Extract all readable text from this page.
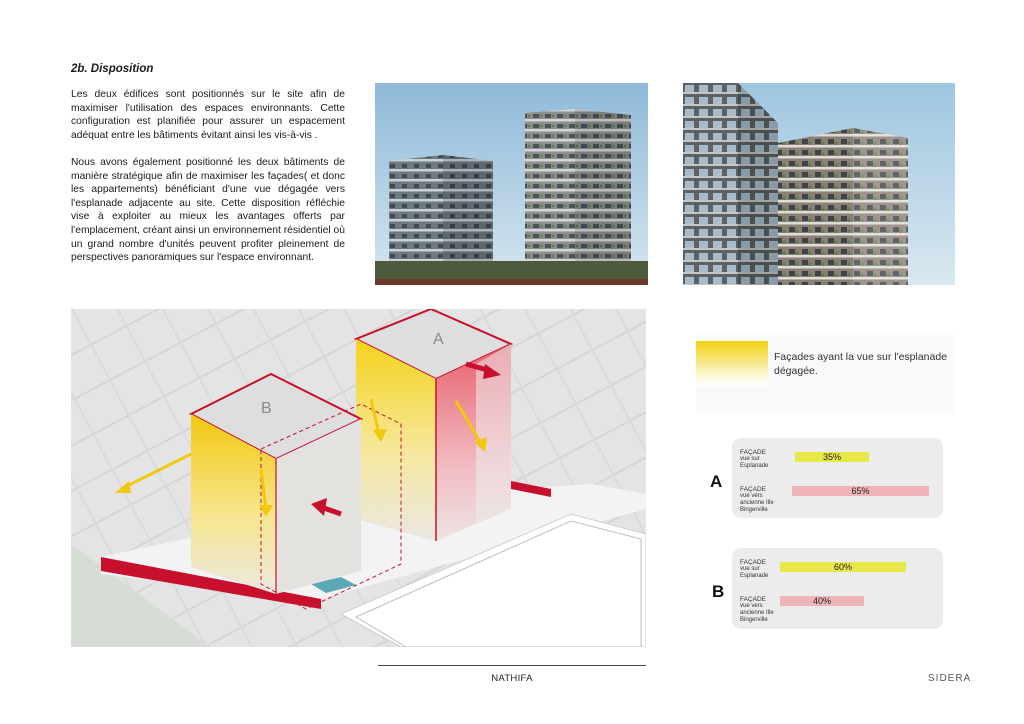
2b. Disposition
Les deux édifices sont positionnés sur le site afin de maximiser l'utilisation des espaces environnants. Cette configuration est planifiée pour assurer un espacement adéquat entre les bâtiments évitant ainsi les vis-à-vis .
Nous avons également positionné les deux bâtiments de manière stratégique afin de maximiser les façades( et donc les appartements) bénéficiant d'une vue dégagée vers l'esplanade adjacente au site. Cette disposition réfléchie vise à exploiter au mieux les avantages offerts par l'emplacement, créant ainsi un environnement résidentiel où un grand nombre d'unités peuvent profiter pleinement de perspectives panoramiques sur l'espace environnant.
A
B
Façades ayant la vue sur l'esplanade dégagée.
A
FAÇADE
vue sur
Esplanade
35%
FAÇADE
vue vers
ancienne Ille Bingerville
65%
B
FAÇADE
vue sur
Esplanade
60%
FAÇADE
vue vers
ancienne Ille Bingerville
40%
NATHIFA	SIDERA
